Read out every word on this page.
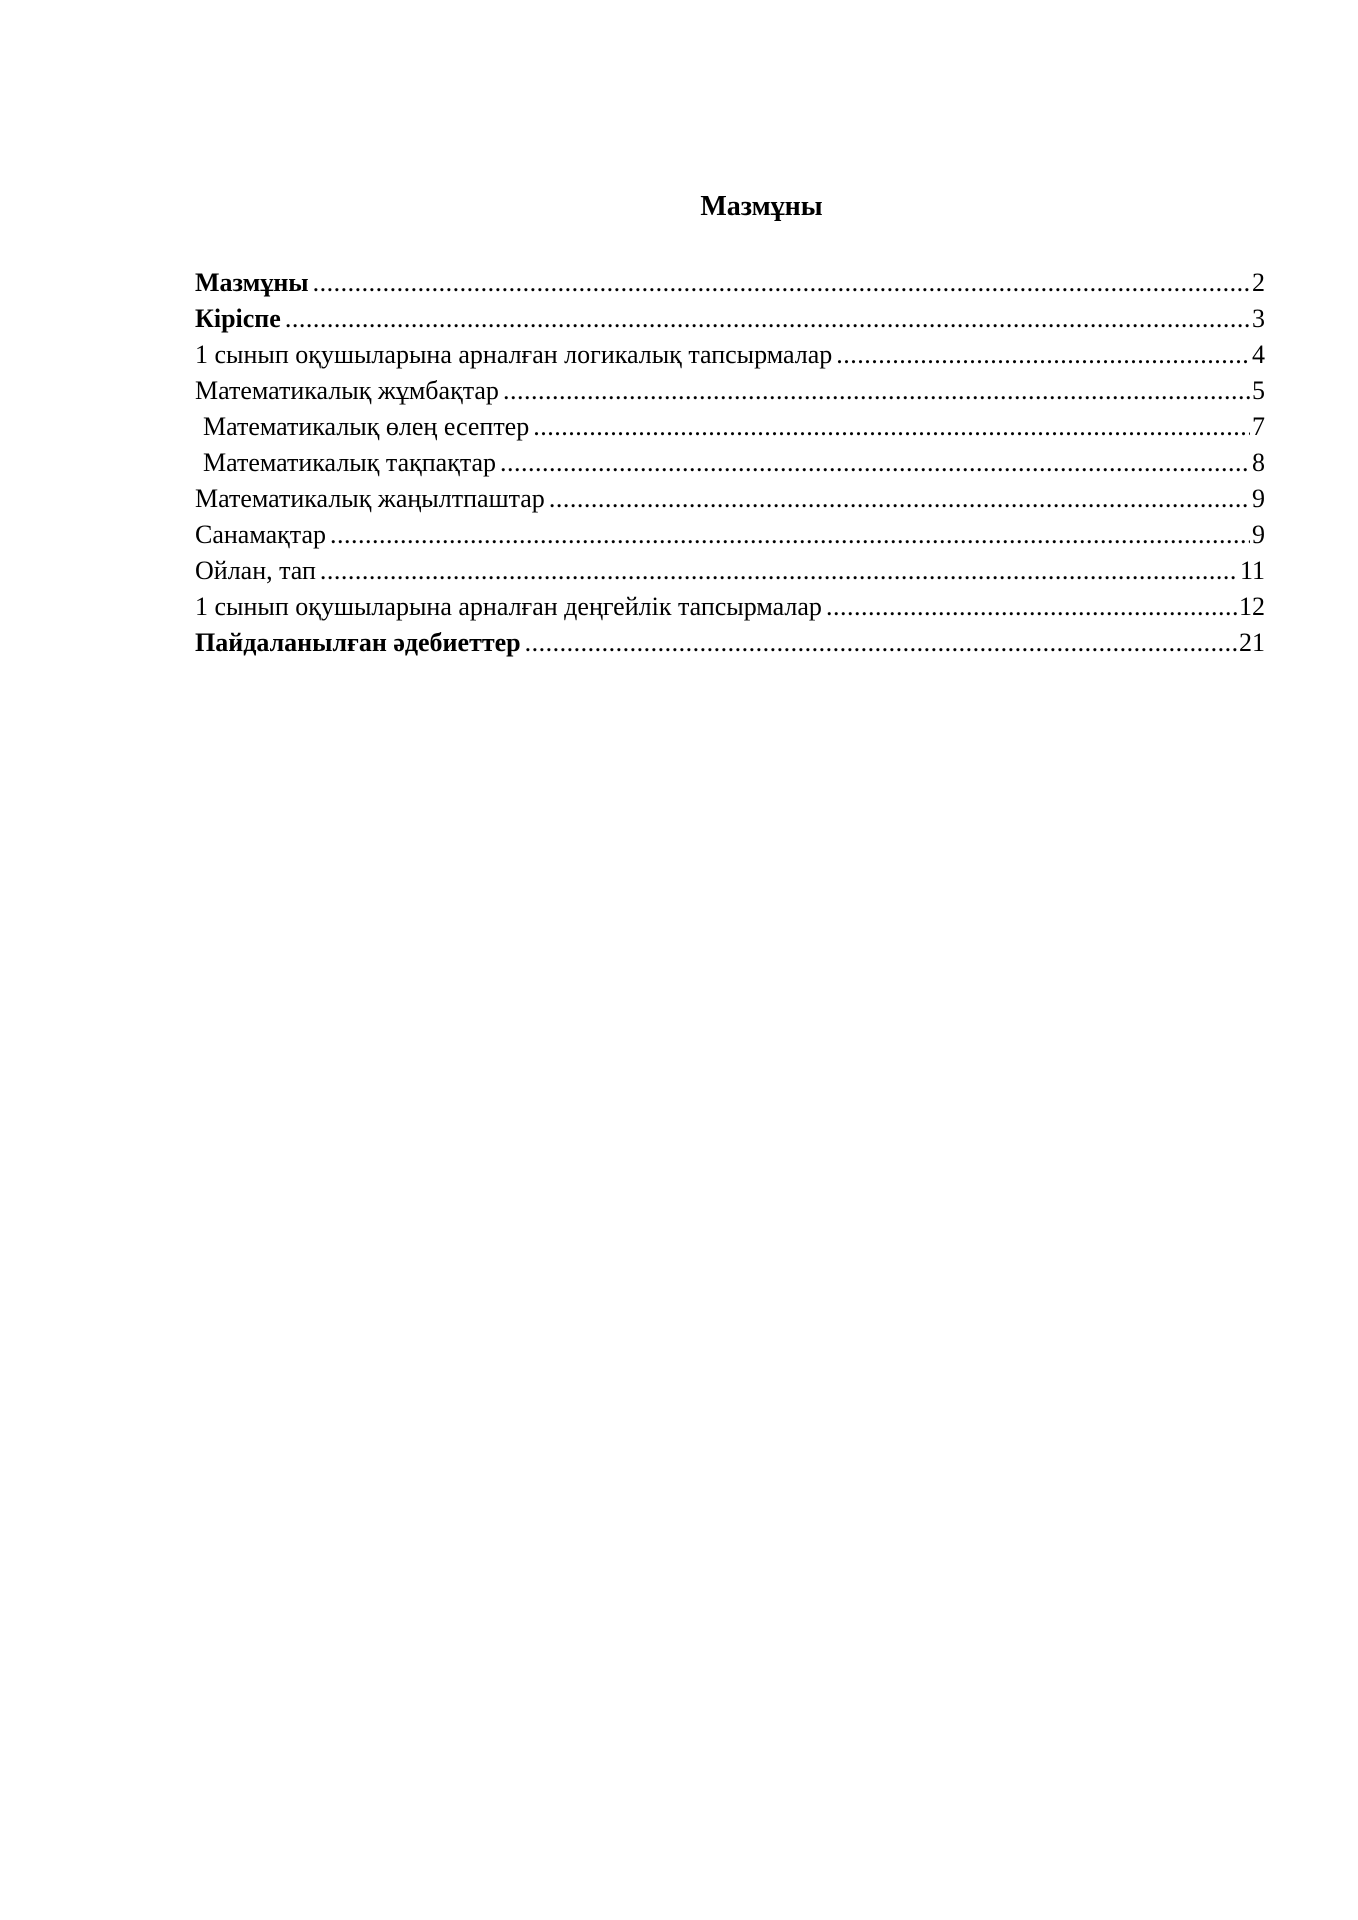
Мазмұны
Мазмұны .....	2
Кіріспе .....	3
1 сынып оқушыларына арналған логикалық тапсырмалар .....	4
Математикалық жұмбақтар .....	5
Математикалық өлең есептер .....	7
Математикалық тақпақтар .....	8
Математикалық жаңылтпаштар .....	9
Санамақтар .....	9
Ойлан, тап .....	11
1 сынып оқушыларына арналған деңгейлік тапсырмалар .....	12
Пайдаланылған әдебиеттер .....	21
